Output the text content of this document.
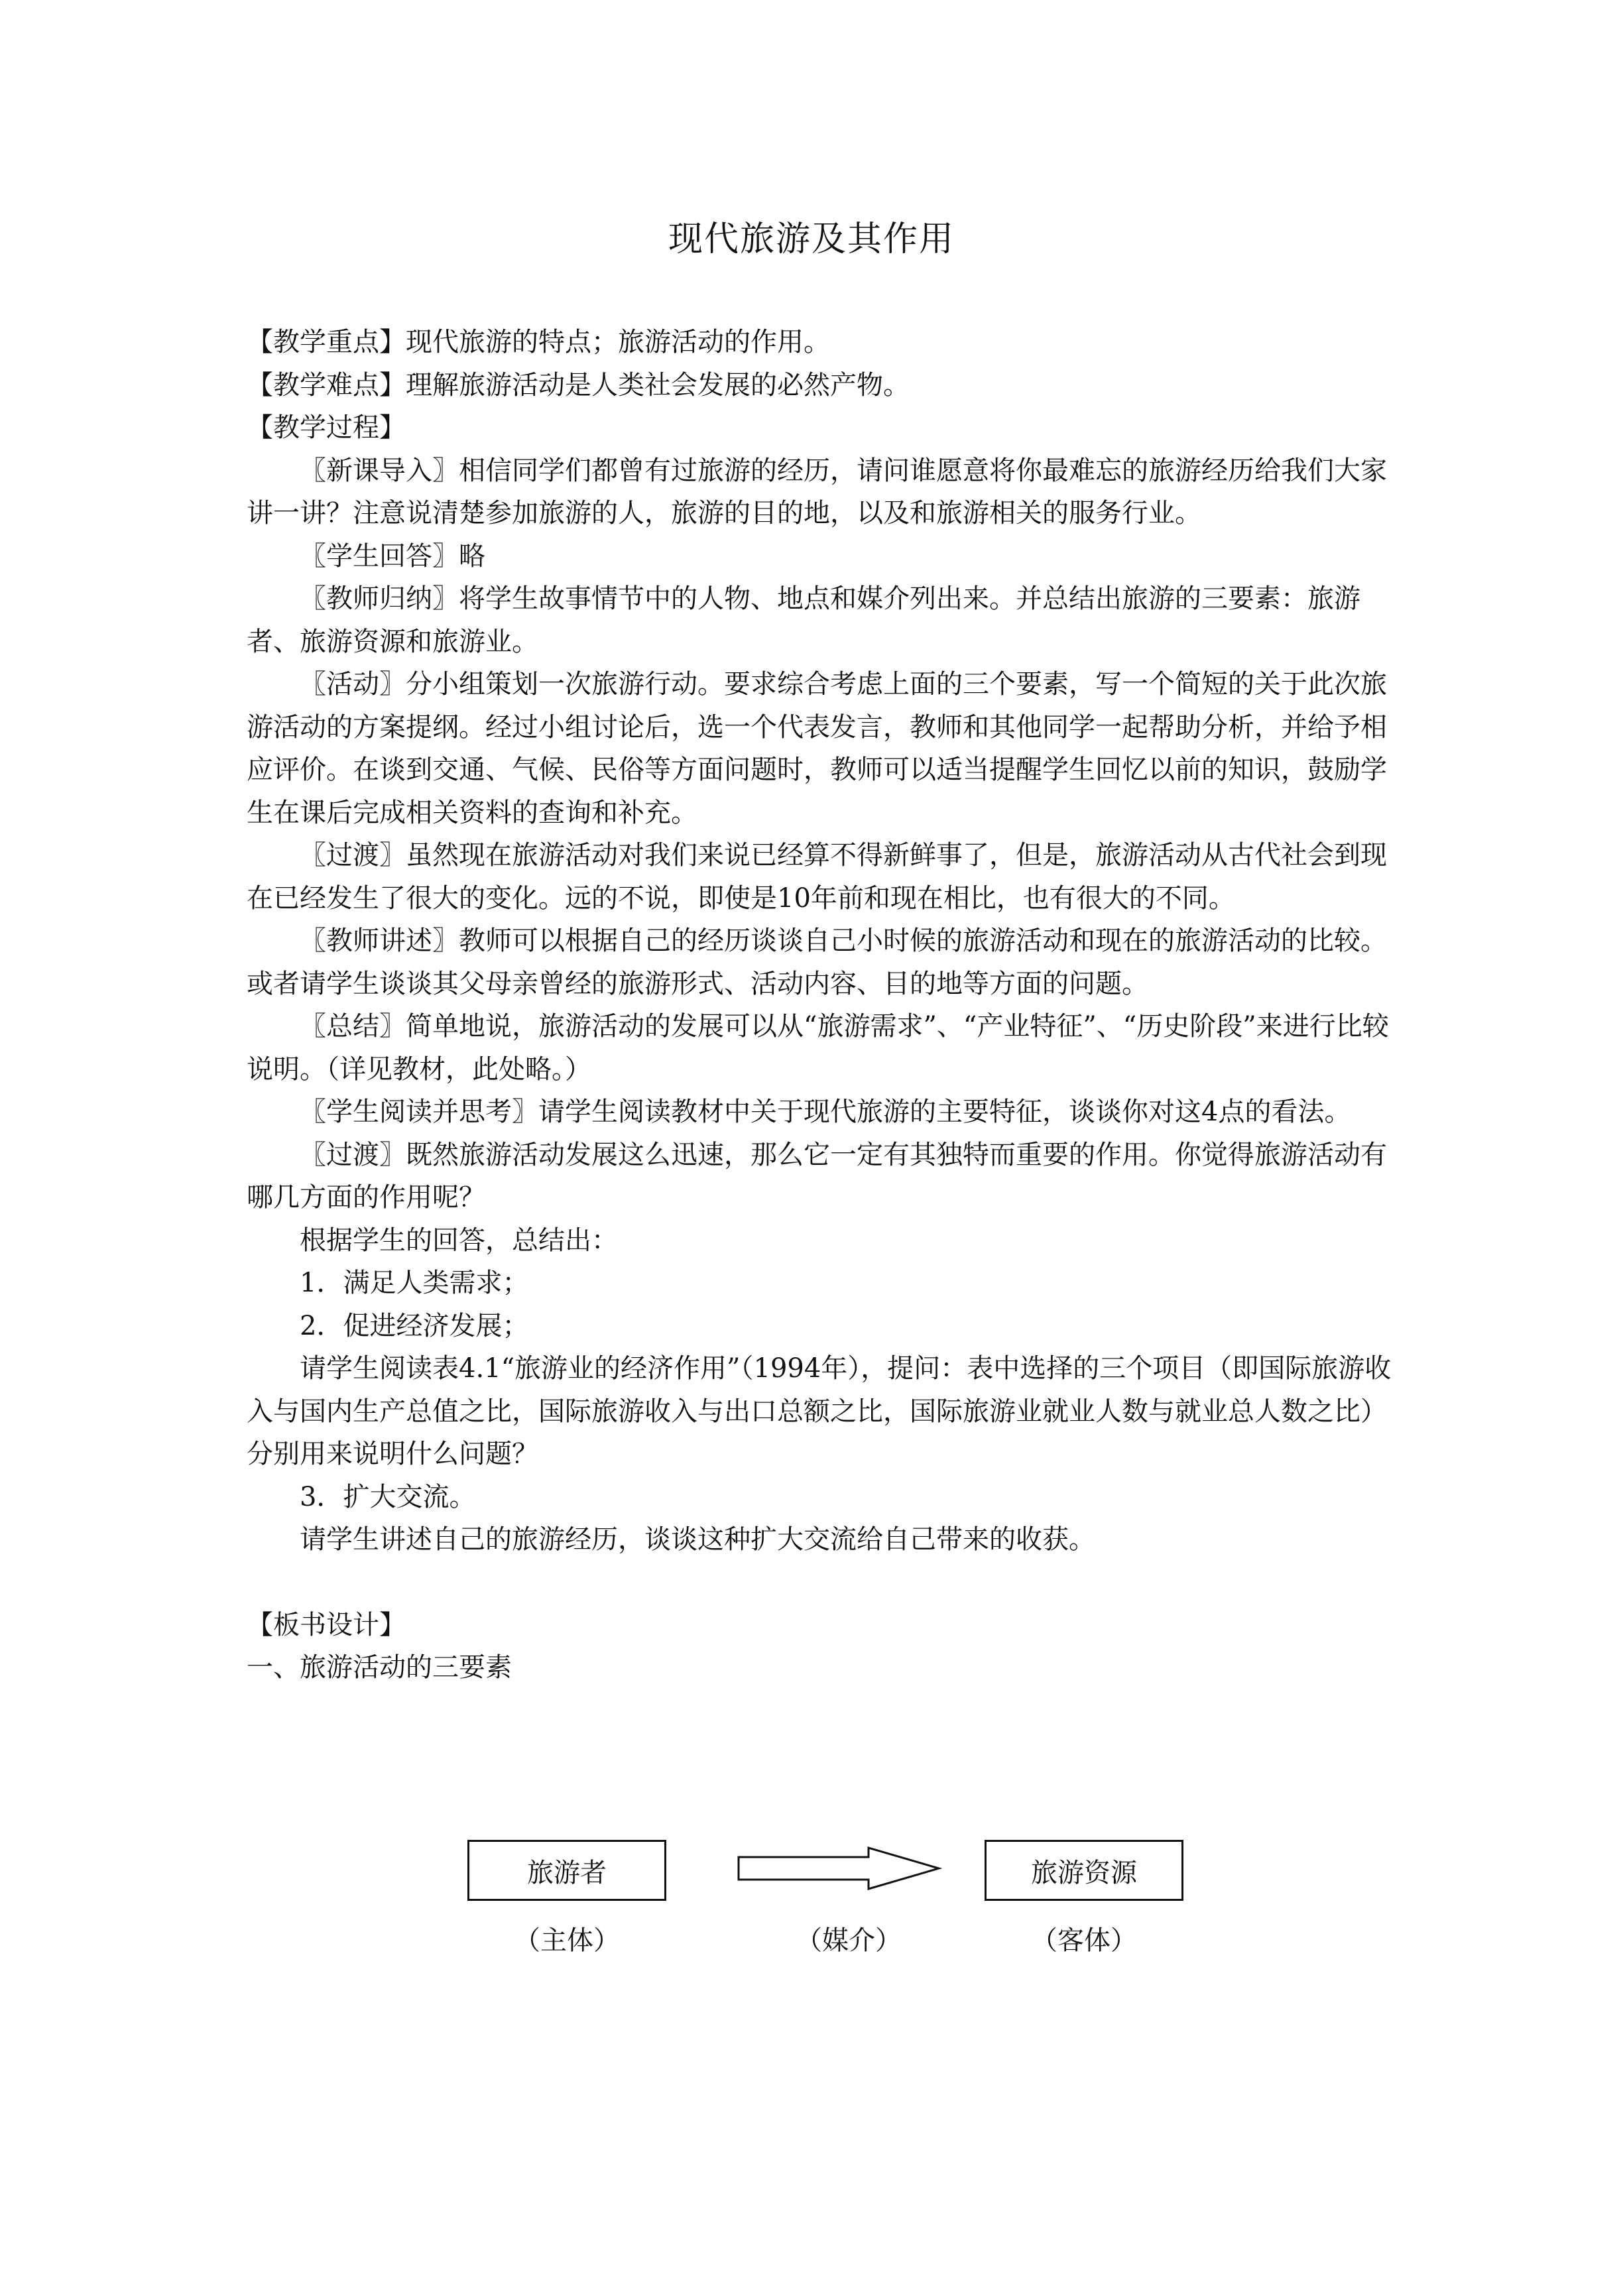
现代旅游及其作用

【教学重点】现代旅游的特点；旅游活动的作用。

【教学难点】理解旅游活动是人类社会发展的必然产物。

【教学过程】

〖新课导入〗相信同学们都曾有过旅游的经历，请问谁愿意将你最难忘的旅游经历给我们大家讲一讲？注意说清楚参加旅游的人，旅游的目的地，以及和旅游相关的服务行业。

〖学生回答〗略

〖教师归纳〗将学生故事情节中的人物、地点和媒介列出来。并总结出旅游的三要素：旅游者、旅游资源和旅游业。

〖活动〗分小组策划一次旅游行动。要求综合考虑上面的三个要素，写一个简短的关于此次旅游活动的方案提纲。经过小组讨论后，选一个代表发言，教师和其他同学一起帮助分析，并给予相应评价。在谈到交通、气候、民俗等方面问题时，教师可以适当提醒学生回忆以前的知识，鼓励学生在课后完成相关资料的查询和补充。

〖过渡〗虽然现在旅游活动对我们来说已经算不得新鲜事了，但是，旅游活动从古代社会到现在已经发生了很大的变化。远的不说，即使是10年前和现在相比，也有很大的不同。

〖教师讲述〗教师可以根据自己的经历谈谈自己小时候的旅游活动和现在的旅游活动的比较。或者请学生谈谈其父母亲曾经的旅游形式、活动内容、目的地等方面的问题。

〖总结〗简单地说，旅游活动的发展可以从“旅游需求”、“产业特征”、“历史阶段”来进行比较说明。（详见教材，此处略。）

〖学生阅读并思考〗请学生阅读教材中关于现代旅游的主要特征，谈谈你对这4点的看法。

〖过渡〗既然旅游活动发展这么迅速，那么它一定有其独特而重要的作用。你觉得旅游活动有哪几方面的作用呢？

根据学生的回答，总结出：

1．满足人类需求；

2．促进经济发展；

请学生阅读表4.1“旅游业的经济作用”（1994年），提问：表中选择的三个项目（即国际旅游收入与国内生产总值之比，国际旅游收入与出口总额之比，国际旅游业就业人数与就业总人数之比）分别用来说明什么问题？

3．扩大交流。

请学生讲述自己的旅游经历，谈谈这种扩大交流给自己带来的收获。

【板书设计】

一、旅游活动的三要素

旅游者	旅游资源
（主体）	（媒介）	（客体）
